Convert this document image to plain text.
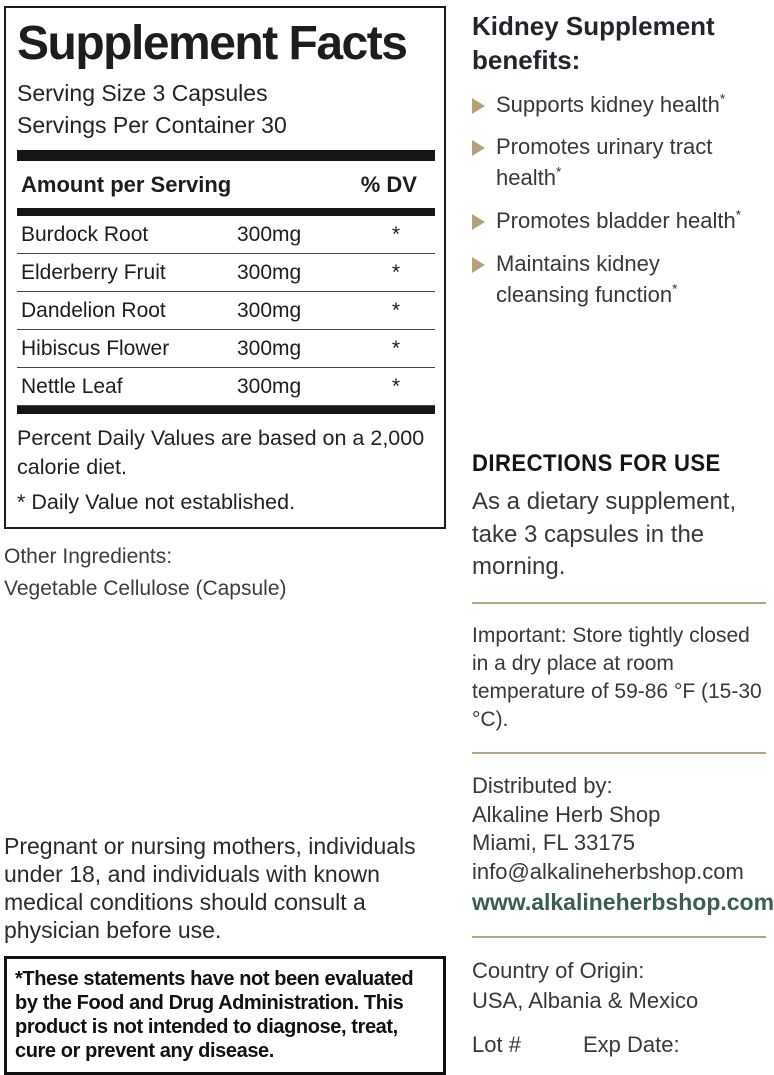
Supplement Facts
Serving Size 3 Capsules
Servings Per Container 30
Amount per Serving	% DV
Burdock Root	300mg	*
Elderberry Fruit	300mg	*
Dandelion Root	300mg	*
Hibiscus Flower	300mg	*
Nettle Leaf	300mg	*
Percent Daily Values are based on a 2,000 calorie diet.
* Daily Value not established.
Other Ingredients:
Vegetable Cellulose (Capsule)
Pregnant or nursing mothers, individuals under 18, and individuals with known medical conditions should consult a physician before use.
*These statements have not been evaluated
by the Food and Drug Administration. This
product is not intended to diagnose, treat,
cure or prevent any disease.
Kidney Supplement benefits:
Supports kidney health*
Promotes urinary tract health*
Promotes bladder health*
Maintains kidney cleansing function*
DIRECTIONS FOR USE
As a dietary supplement, take 3 capsules in the morning.
Important: Store tightly closed in a dry place at room temperature of 59-86 °F (15-30 °C).
Distributed by:
Alkaline Herb Shop
Miami, FL 33175
info@alkalineherbshop.com
www.alkalineherbshop.com
Country of Origin:
USA, Albania & Mexico
Lot #	Exp Date:
